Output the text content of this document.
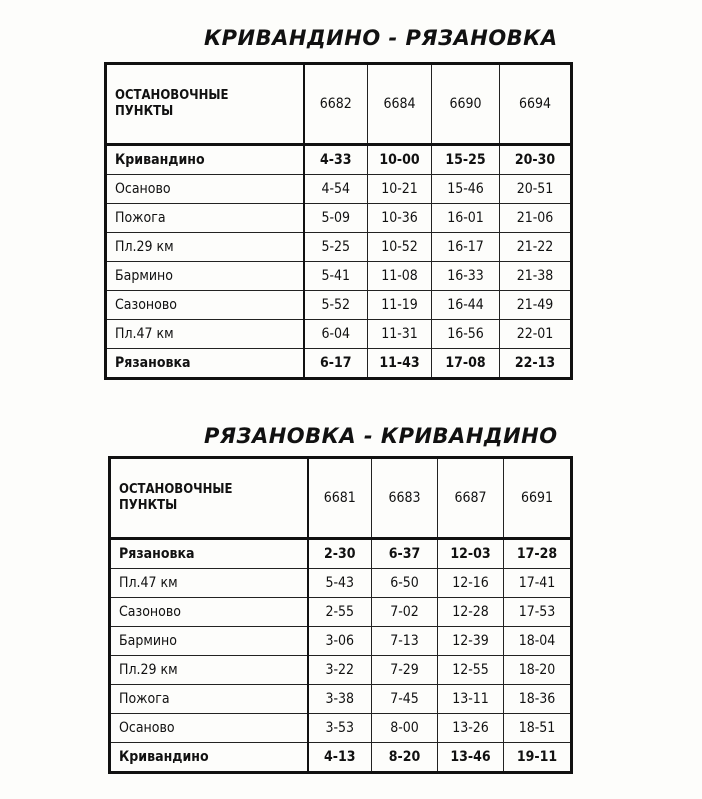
КРИВАНДИНО - РЯЗАНОВКА
ОСТАНОВОЧНЫЕ
ПУНКТЫ	6682	6684	6690	6694
Кривандино	4-33	10-00	15-25	20-30
Осаново	4-54	10-21	15-46	20-51
Пожога	5-09	10-36	16-01	21-06
Пл.29 км	5-25	10-52	16-17	21-22
Бармино	5-41	11-08	16-33	21-38
Сазоново	5-52	11-19	16-44	21-49
Пл.47 км	6-04	11-31	16-56	22-01
Рязановка	6-17	11-43	17-08	22-13
РЯЗАНОВКА - КРИВАНДИНО
ОСТАНОВОЧНЫЕ
ПУНКТЫ	6681	6683	6687	6691
Рязановка	2-30	6-37	12-03	17-28
Пл.47 км	5-43	6-50	12-16	17-41
Сазоново	2-55	7-02	12-28	17-53
Бармино	3-06	7-13	12-39	18-04
Пл.29 км	3-22	7-29	12-55	18-20
Пожога	3-38	7-45	13-11	18-36
Осаново	3-53	8-00	13-26	18-51
Кривандино	4-13	8-20	13-46	19-11
